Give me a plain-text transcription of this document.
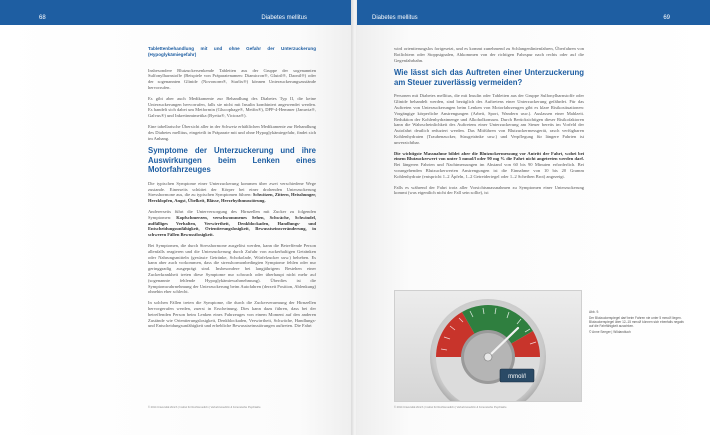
68	Diabetes mellitus
Tablettenbehandlung mit und ohne Gefahr der Unterzuckerung (Hypoglykämiegefahr)

Insbesondere Blutzuckersenkende Tabletten aus der Gruppe der sogenannten Sulfonylharnstoffe (Beispiele von Präparatenamen: Diamicron®, Glutril®, Daonil®) oder der sogenannten Glinide (Novonorm®, Starlix®) können Unterzuckerungszustände hervorrufen.

Es gibt aber auch Medikamente zur Behandlung des Diabetes Typ II, die keine Unterzuckerungen hervorrufen, falls sie nicht mit Insulin kombiniert angewendet werden. Es handelt sich dabei um Metformin (Glucophage®, Metfin®), DPP-4-Hemmer (Januvia®, Galvus®) und Inkretinmimetika (Byetta®, Victoza®).

Eine tabellarische Übersicht aller in der Schweiz erhältlichen Medikamente zur Behandlung des Diabetes mellitus, eingeteilt in Präparate mit und ohne Hypoglykämiegefahr, findet sich im Anhang.

Symptome der Unterzuckerung und ihre Auswirkungen beim Lenken eines Motorfahrzeuges

Die typischen Symptome einer Unterzuckerung kommen über zwei verschiedene Wege zustande. Einerseits schüttet der Körper bei einer drohenden Unterzuckerung Stresshormone aus, die zu typischen Symptomen führen: Schwitzen, Zittern, Heisshunger, Herzklopfen, Angst, Übelkeit, Blässe, Herzrhythmusstörung.

Andererseits führt die Unterversorgung des Hirnzellen mit Zucker zu folgenden Symptomen: Kopfschmerzen, verschwommenes Sehen, Schwäche, Schwindel, auffälliges Verhalten, Verwirrtheit, Denkblockaden, Handlungs- und Entscheidungsunfähigkeit, Orientierungslosigkeit, Bewusstseinsveränderung, in schweren Fällen Bewusstlosigkeit.

Bei Symptomen, die durch Stresshormone ausgelöst werden, kann die Betreffende Person allenfalls reagieren und die Unterzuckerung durch Zufuhr von zuckerhaltigen Getränken oder Nahrungsmitteln (gesüsste Getränke, Schokolade, Würfelzucker usw.) beheben. Es kann aber auch vorkommen, dass die stresshormonbedingten Symptome fehlen oder nur geringgradig ausgeprägt sind. Insbesondere bei langjährigem Bestehen einer Zuckerkrankheit treten diese Symptome nur schwach oder überhaupt nicht mehr auf (sogenannte fehlende Hypoglykämiewahrnehmung). Überdies ist die Symptomwahrnehmung der Unterzuckerung beim Autofahren (derzeit Position, Ablenkung) ohnehin eher schlecht.

In solchen Fällen treten die Symptome, die durch die Zuckerverarmung der Hirnzellen hervorgerufen werden, zuerst in Erscheinung. Dies kann dazu führen, dass bei der betreffenden Person beim Lenken eines Fahrzeuges von einem Moment auf den anderen Zustände wie Orientierungslosigkeit, Denkblockaden, Verwirrtheit, Schwäche, Handlungs- und Entscheidungsunfähigkeit und erhebliche Bewusstseinsstörungen auftreten. Die Fahrt

© 2014 Universität Zürich | Institut für Rechtsmedizin | Verkehrsmedizin & Forensische Psychiatrie
Diabetes mellitus	69

wird orientierungslos fortgesetzt, und es kommt zunehmend zu Schlangenlinienfahren, Überfahren von Rotlichtern oder Stoppsignalen, Abkommen von der richtigen Fahrspur nach rechts oder auf die Gegenfahrbahn.

Wie lässt sich das Auftreten einer Unterzuckerung am Steuer zuverlässig vermeiden?

Personen mit Diabetes mellitus, die mit Insulin oder Tabletten aus der Gruppe Sulfonylharnstoffe oder Glinide behandelt werden, sind bezüglich des Auftretens einer Unterzuckerung gefährdet. Für das Auftreten von Unterzuckerungen beim Lenken von Motorfahrzeugen gibt es klare Risikosituationen: Vorgängige körperliche Anstrengungen (Arbeit, Sport, Wandern usw.). Auslassen einer Mahlzeit. Reduktion der Kohlenhydratmenge und Alkoholkonsum. Durch Berücksichtigen dieser Risikofaktoren kann die Wahrscheinlichkeit des Auftretens einer Unterzuckerung am Steuer bereits im Vorfeld der Autofahrt deutlich reduziert werden. Das Mitführen von Blutzuckermessgerät, rasch verfügbaren Kohlenhydraten (Traubenzucker, Süssgetränke usw.) und Verpflegung für längere Fahrten ist unverzichtbar.

Die wichtigste Massnahme bildet aber die Blutzuckermessung vor Antritt der Fahrt, wobei bei einem Blutzuckerwert von unter 5 mmol/l oder 90 mg % die Fahrt nicht angetreten werden darf. Bei längeren Fahrten und Nachtmessungen im Abstand von 60 bis 90 Minuten erforderlich. Bei vorangehenden Blutzuckerwerten Anstrengungen ist die Einnahme von 10 bis 20 Gramm Kohlenhydrate (entspricht 1–2 Äpfeln, 1–2 Getreideriegel oder 1–2 Scheiben Brot) angezeigt.

Falls es während der Fahrt trotz aller Vorsichtsmassnahmen zu Symptomen einer Unterzuckerung kommt (was eigentlich nicht der Fall sein sollte), ist

mmol/l

Abb. 9.

Der Blutzuckerspiegel darf beim Fahren nie unter 5 mmol/l liegen. Blutzuckerspiegel über 12–15 mmol/l können sich ebenfalls negativ auf die Fahrfähigkeit auswirken.

© Anne Seeger | Wildandtuch

© 2014 Universität Zürich | Institut für Rechtsmedizin | Verkehrsmedizin & Forensische Psychiatrie
